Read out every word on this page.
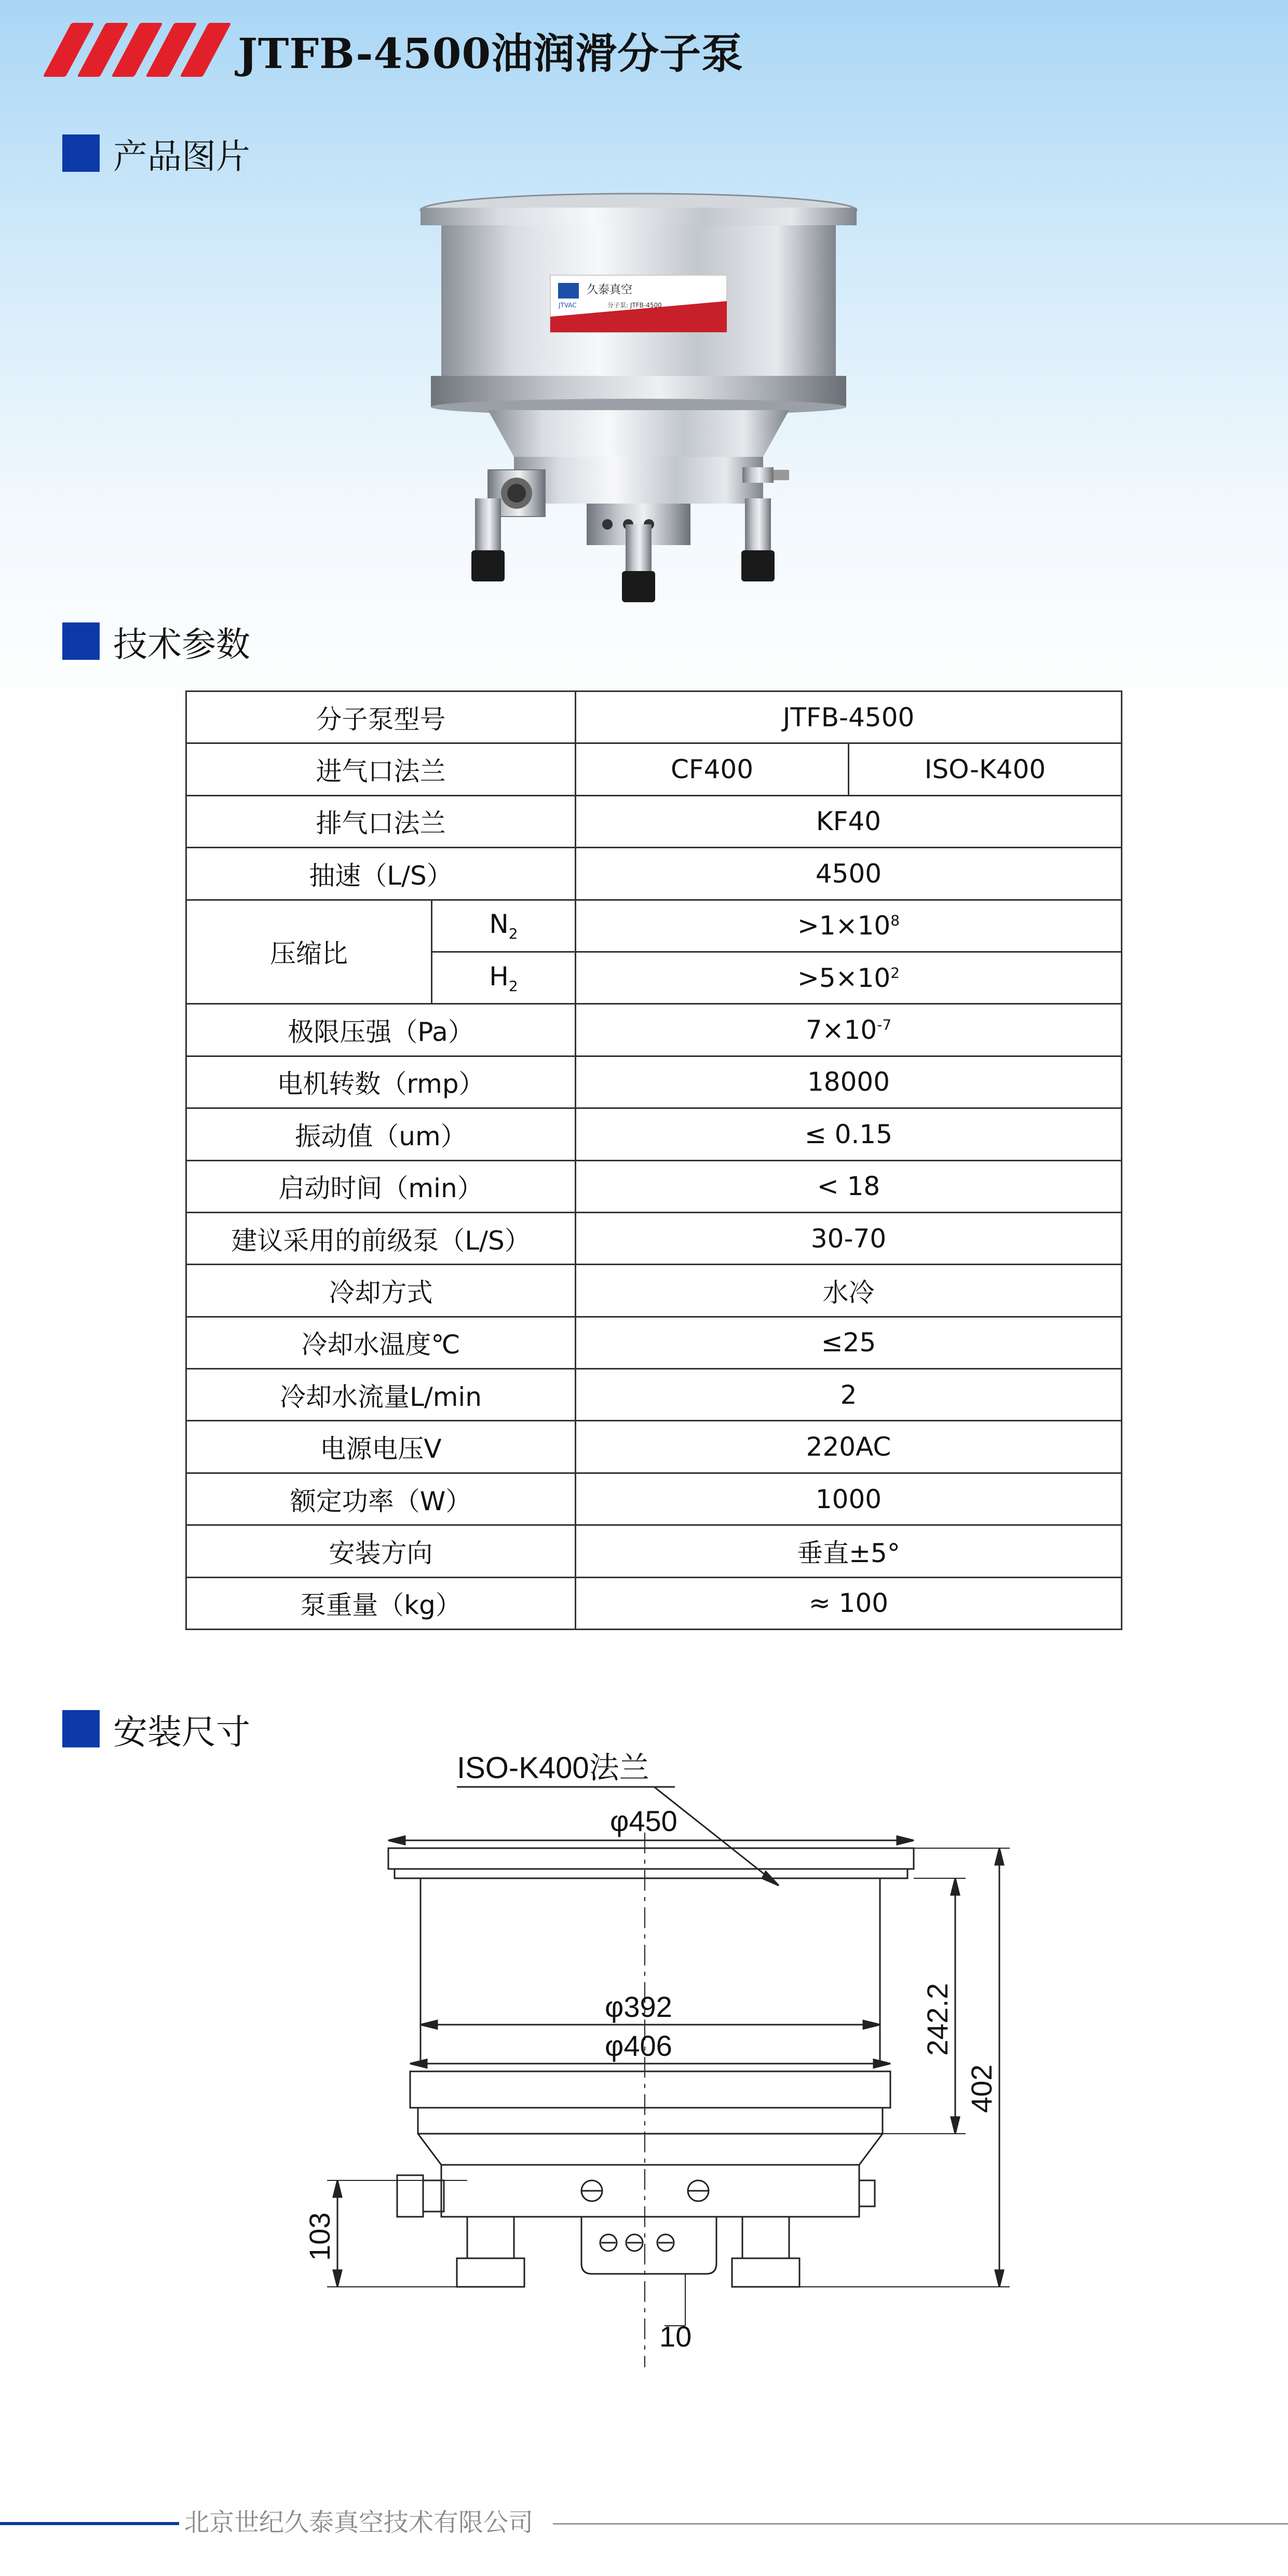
JTFB-4500油润滑分子泵
产品图片
久泰真空
JTVAC	分子泵: JTFB-4500
技术参数
分子泵型号		JTFB-4500	
进气口法兰		CF400	ISO-K400
排气口法兰		KF40	
抽速（L/S）		4500	
压缩比	$N_2$	$>1\times 10^8$
	$H_2$	$>5\times 10^2$
极限压强（Pa）		$7\times 10^{-7}$
电机转数（rmp）		18000	
振动值（um）		≤ 0.15	
启动时间（min）		< 18	
建议采用的前级泵（L/S）		30-70	
冷却方式		水冷	
冷却水温度℃		≤25	
冷却水流量L/min		2	
电源电压V		220AC	
额定功率（W）		1000	
安装方向		垂直±5°	
泵重量（kg）		≈ 100	
安装尺寸
ISO-K400法兰
φ450
φ392
φ406	242.2
402
103
10
北京世纪久泰真空技术有限公司
